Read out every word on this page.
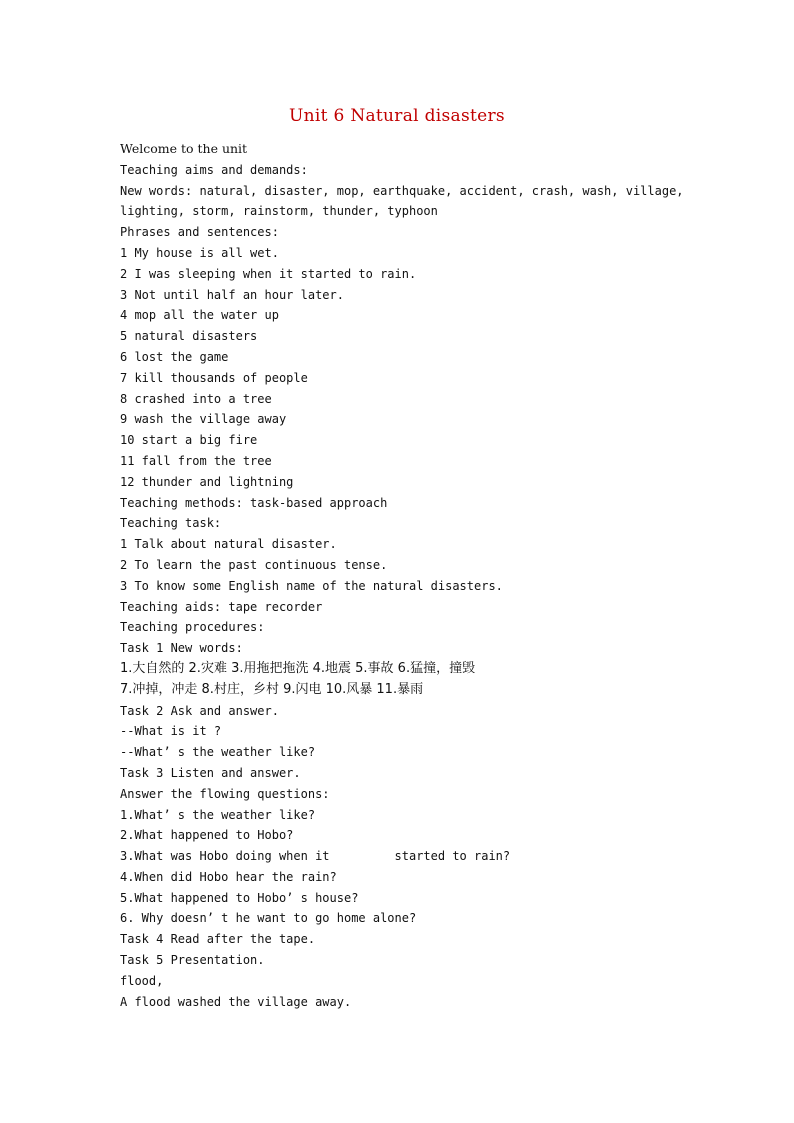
Unit 6 Natural disasters
Welcome to the unit
Teaching aims and demands:
New words: natural, disaster, mop, earthquake, accident, crash, wash, village,
lighting, storm, rainstorm, thunder, typhoon
Phrases and sentences:
1 My house is all wet.
2 I was sleeping when it started to rain.
3 Not until half an hour later.
4 mop all the water up
5 natural disasters
6 lost the game
7 kill thousands of people
8 crashed into a tree
9 wash the village away
10 start a big fire
11 fall from the tree
12 thunder and lightning
Teaching methods: task-based approach
Teaching task:
1 Talk about natural disaster.
2 To learn the past continuous tense.
3 To know some English name of the natural disasters.
Teaching aids: tape recorder
Teaching procedures:
Task 1 New words:
1.大自然的 2.灾难 3.用拖把拖洗 4.地震 5.事故 6.猛撞，撞毁
7.冲掉，冲走 8.村庄，乡村 9.闪电 10.风暴 11.暴雨
Task 2 Ask and answer.
--What is it ?
--What’ s the weather like?
Task 3 Listen and answer.
Answer the flowing questions:
1.What’ s the weather like?
2.What happened to Hobo?
3.What was Hobo doing when it         started to rain?
4.When did Hobo hear the rain?
5.What happened to Hobo’ s house?
6. Why doesn’ t he want to go home alone?
Task 4 Read after the tape.
Task 5 Presentation.
flood,
A flood washed the village away.
